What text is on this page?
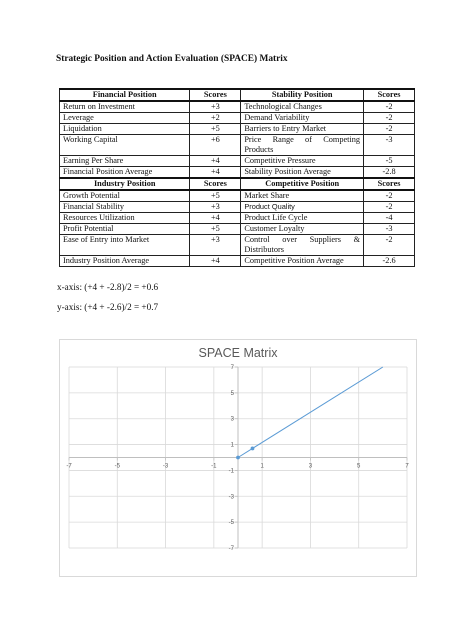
Strategic Position and Action Evaluation (SPACE) Matrix
Financial Position	Scores	Stability Position	Scores
Return on Investment	+3	Technological Changes	-2
Leverage	+2	Demand Variability	-2
Liquidation	+5	Barriers to Entry Market	-2
Working Capital	+6	Price Range of Competing Products	-3
Earning Per Share	+4	Competitive Pressure	-5
Financial Position Average	+4	Stability Position Average	-2.8
Industry Position	Scores	Competitive Position	Scores
Growth Potential	+5	Market Share	-2
Financial Stability	+3	Product Quality	-2
Resources Utilization	+4	Product Life Cycle	-4
Profit Potential	+5	Customer Loyalty	-3
Ease of Entry into Market	+3	Control over Suppliers & Distributors	-2
Industry Position Average	+4	Competitive Position Average	-2.6
x-axis: (+4 + -2.8)/2 = +0.6
y-axis: (+4 + -2.6)/2 = +0.7
SPACE Matrix
-7	-5	-3	-1	1	3	5	7
7
5
3
1
-1
-3
-5
-7
